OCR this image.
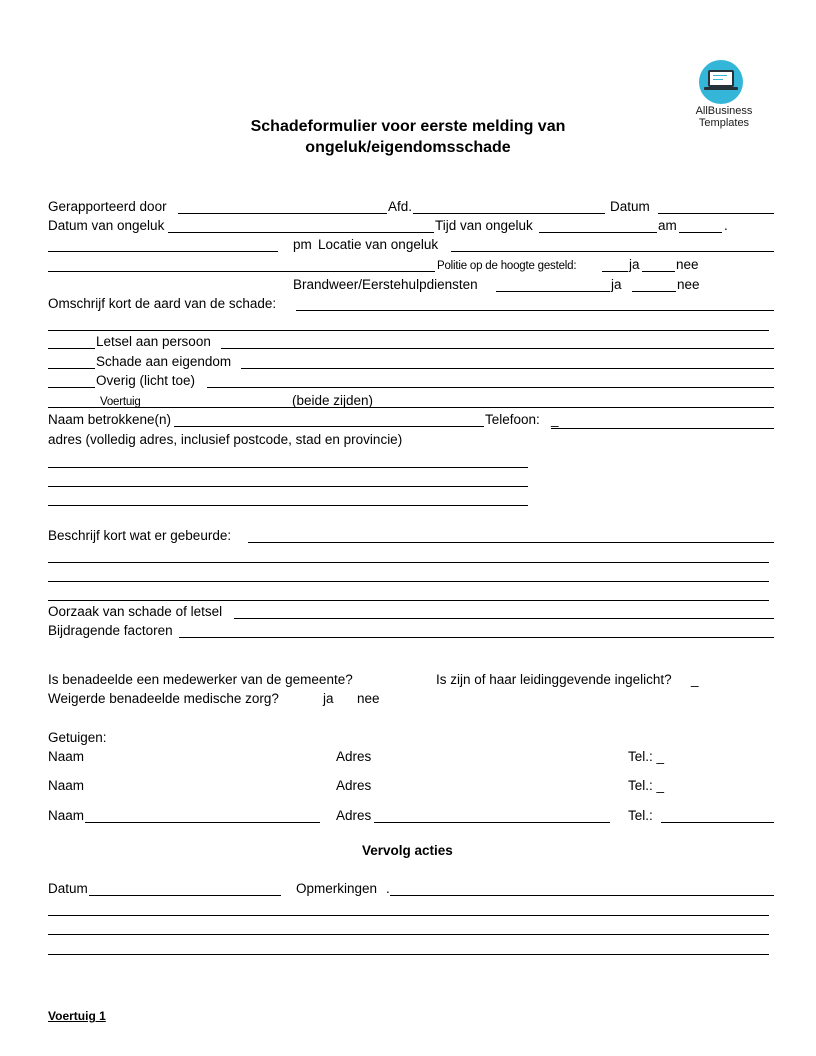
AllBusiness
Templates
Schadeformulier voor eerste melding van
ongeluk/eigendomsschade
Gerapporteerd door	Afd.	Datum
Datum van ongeluk	Tijd van ongeluk	am	.
pm Locatie van ongeluk
Politie op de hoogte gesteld:	ja	nee
Brandweer/Eerstehulpdiensten	ja	nee
Omschrijf kort de aard van de schade:
Letsel aan persoon
Schade aan eigendom
Overig (licht toe)
Voertuig	(beide zijden)
Naam betrokkene(n)	Telefoon: _
adres (volledig adres, inclusief postcode, stad en provincie)
Beschrijf kort wat er gebeurde:
Oorzaak van schade of letsel
Bijdragende factoren
Is benadeelde een medewerker van de gemeente?	Is zijn of haar leidinggevende ingelicht? _
Weigerde benadeelde medische zorg?	ja nee
Getuigen:
Naam	Adres	Tel.: _
Naam	Adres	Tel.: _
Naam	Adres	Tel.:
Vervolg acties
Datum	Opmerkingen .
Voertuig 1
